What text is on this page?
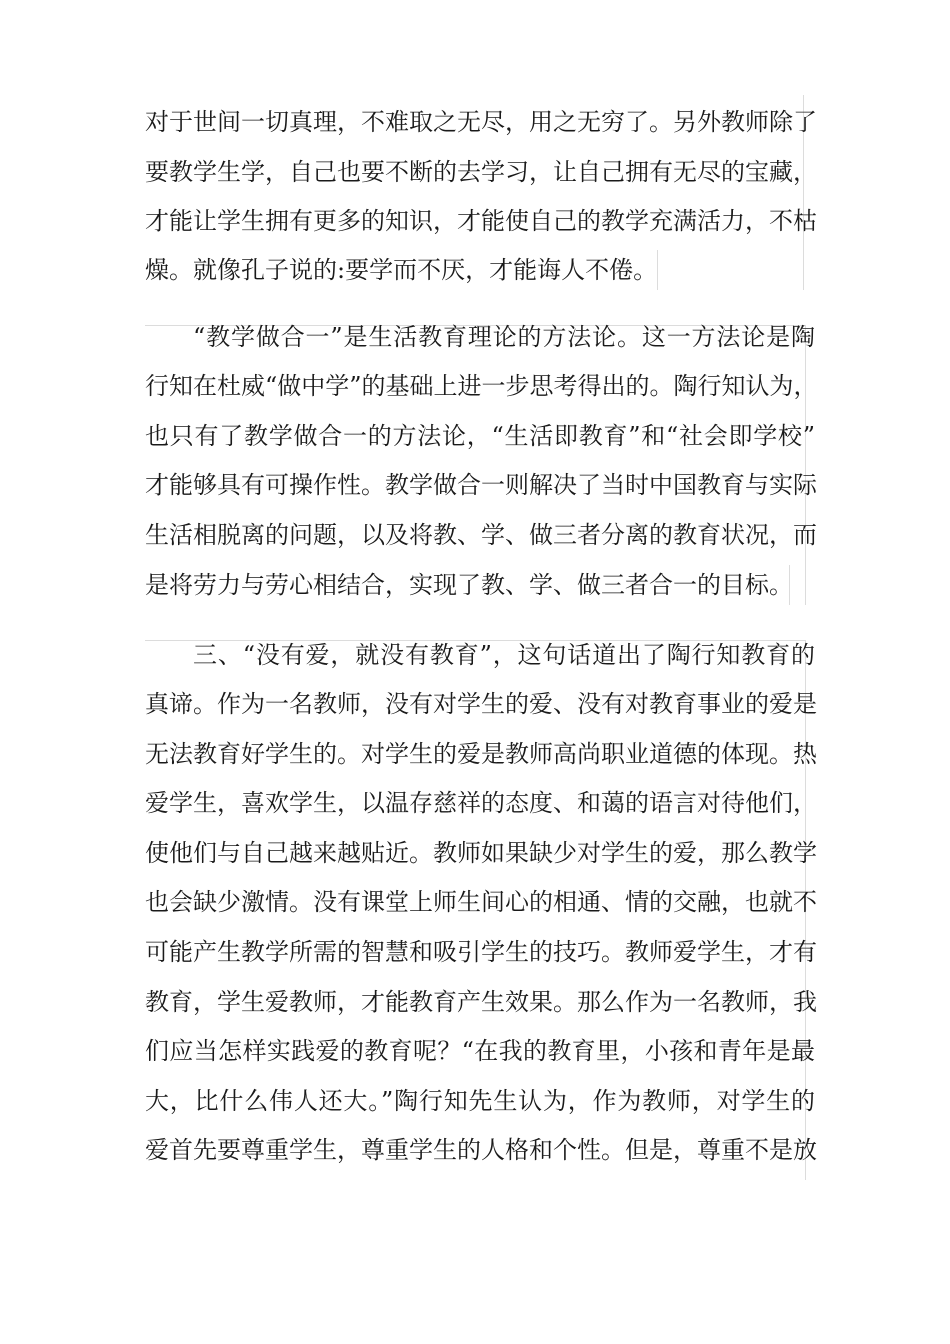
对于世间一切真理，不难取之无尽，用之无穷了。另外教师除了
要教学生学，自己也要不断的去学习，让自己拥有无尽的宝藏，
才能让学生拥有更多的知识，才能使自己的教学充满活力，不枯
燥。就像孔子说的:要学而不厌，才能诲人不倦。
“教学做合一”是生活教育理论的方法论。这一方法论是陶
行知在杜威“做中学”的基础上进一步思考得出的。陶行知认为，
也只有了教学做合一的方法论，“生活即教育”和“社会即学校”
才能够具有可操作性。教学做合一则解决了当时中国教育与实际
生活相脱离的问题，以及将教、学、做三者分离的教育状况，而
是将劳力与劳心相结合，实现了教、学、做三者合一的目标。
三、“没有爱，就没有教育”，这句话道出了陶行知教育的
真谛。作为一名教师，没有对学生的爱、没有对教育事业的爱是
无法教育好学生的。对学生的爱是教师高尚职业道德的体现。热
爱学生，喜欢学生，以温存慈祥的态度、和蔼的语言对待他们，
使他们与自己越来越贴近。教师如果缺少对学生的爱，那么教学
也会缺少激情。没有课堂上师生间心的相通、情的交融，也就不
可能产生教学所需的智慧和吸引学生的技巧。教师爱学生，才有
教育，学生爱教师，才能教育产生效果。那么作为一名教师，我
们应当怎样实践爱的教育呢？“在我的教育里，小孩和青年是最
大，比什么伟人还大。”陶行知先生认为，作为教师，对学生的
爱首先要尊重学生，尊重学生的人格和个性。但是，尊重不是放
